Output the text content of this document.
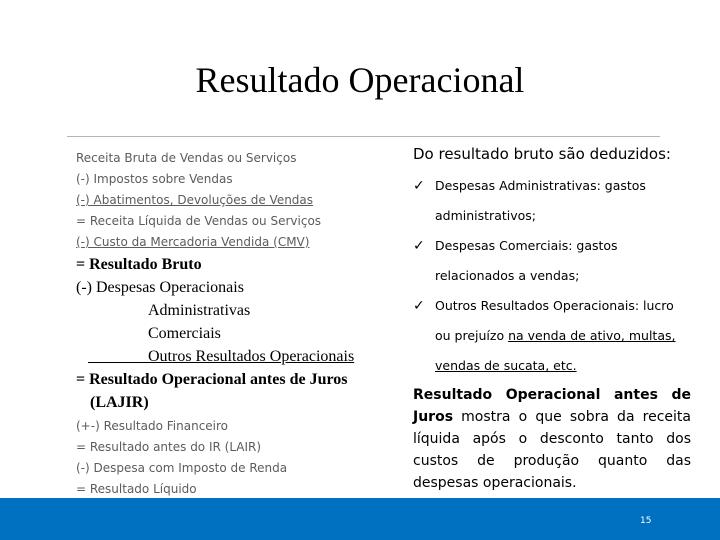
Resultado Operacional
Receita Bruta de Vendas ou Serviços
(-) Impostos sobre Vendas
(-) Abatimentos, Devoluções de Vendas
= Receita Líquida de Vendas ou Serviços
(-) Custo da Mercadoria Vendida (CMV)
= Resultado Bruto
(-) Despesas Operacionais
Administrativas
Comerciais
Outros Resultados Operacionais
= Resultado Operacional antes de Juros
(LAJIR)
(+-) Resultado Financeiro
= Resultado antes do IR (LAIR)
(-) Despesa com Imposto de Renda
= Resultado Líquido
Do resultado bruto são deduzidos:
✓ Despesas Administrativas: gastos
administrativos;
✓ Despesas Comerciais: gastos
relacionados a vendas;
✓ Outros Resultados Operacionais: lucro
ou prejuízo na venda de ativo, multas,
vendas de sucata, etc.
Resultado Operacional antes de Juros mostra o que sobra da receita líquida após o desconto tanto dos custos de produção quanto das despesas operacionais.
15
